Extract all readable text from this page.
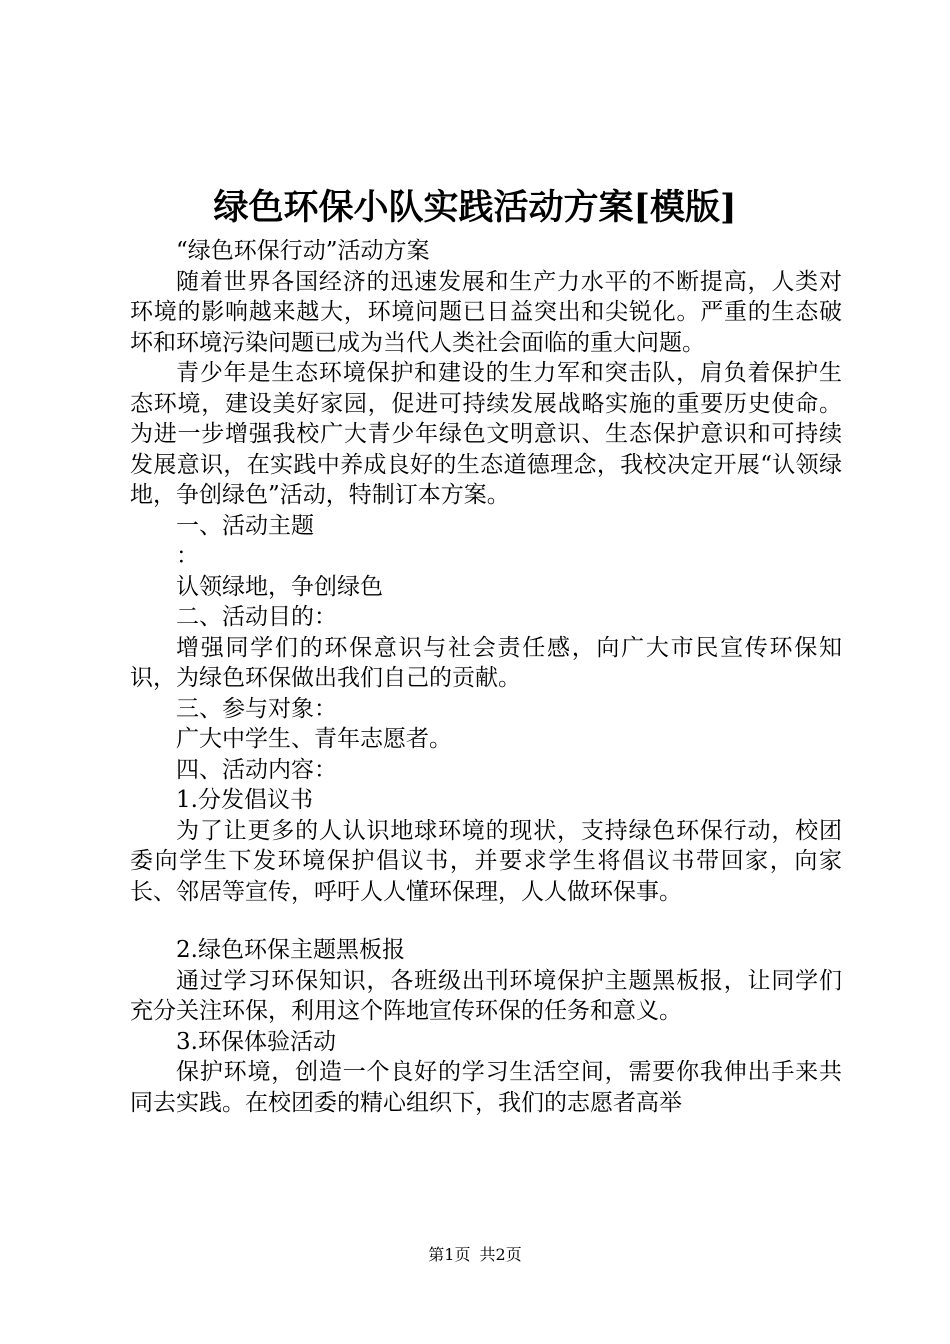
绿色环保小队实践活动方案[模版]

“绿色环保行动”活动方案

随着世界各国经济的迅速发展和生产力水平的不断提高，人类对环境的影响越来越大，环境问题已日益突出和尖锐化。严重的生态破坏和环境污染问题已成为当代人类社会面临的重大问题。

青少年是生态环境保护和建设的生力军和突击队，肩负着保护生态环境，建设美好家园，促进可持续发展战略实施的重要历史使命。为进一步增强我校广大青少年绿色文明意识、生态保护意识和可持续发展意识，在实践中养成良好的生态道德理念，我校决定开展“认领绿地，争创绿色”活动，特制订本方案。

一、活动主题

：

认领绿地，争创绿色

二、活动目的：

增强同学们的环保意识与社会责任感，向广大市民宣传环保知识，为绿色环保做出我们自己的贡献。

三、参与对象：

广大中学生、青年志愿者。

四、活动内容：

1.分发倡议书

为了让更多的人认识地球环境的现状，支持绿色环保行动，校团委向学生下发环境保护倡议书，并要求学生将倡议书带回家，向家长、邻居等宣传，呼吁人人懂环保理，人人做环保事。

2.绿色环保主题黑板报

通过学习环保知识，各班级出刊环境保护主题黑板报，让同学们充分关注环保，利用这个阵地宣传环保的任务和意义。

3.环保体验活动

保护环境，创造一个良好的学习生活空间，需要你我伸出手来共同去实践。在校团委的精心组织下，我们的志愿者高举

第1页 共2页
